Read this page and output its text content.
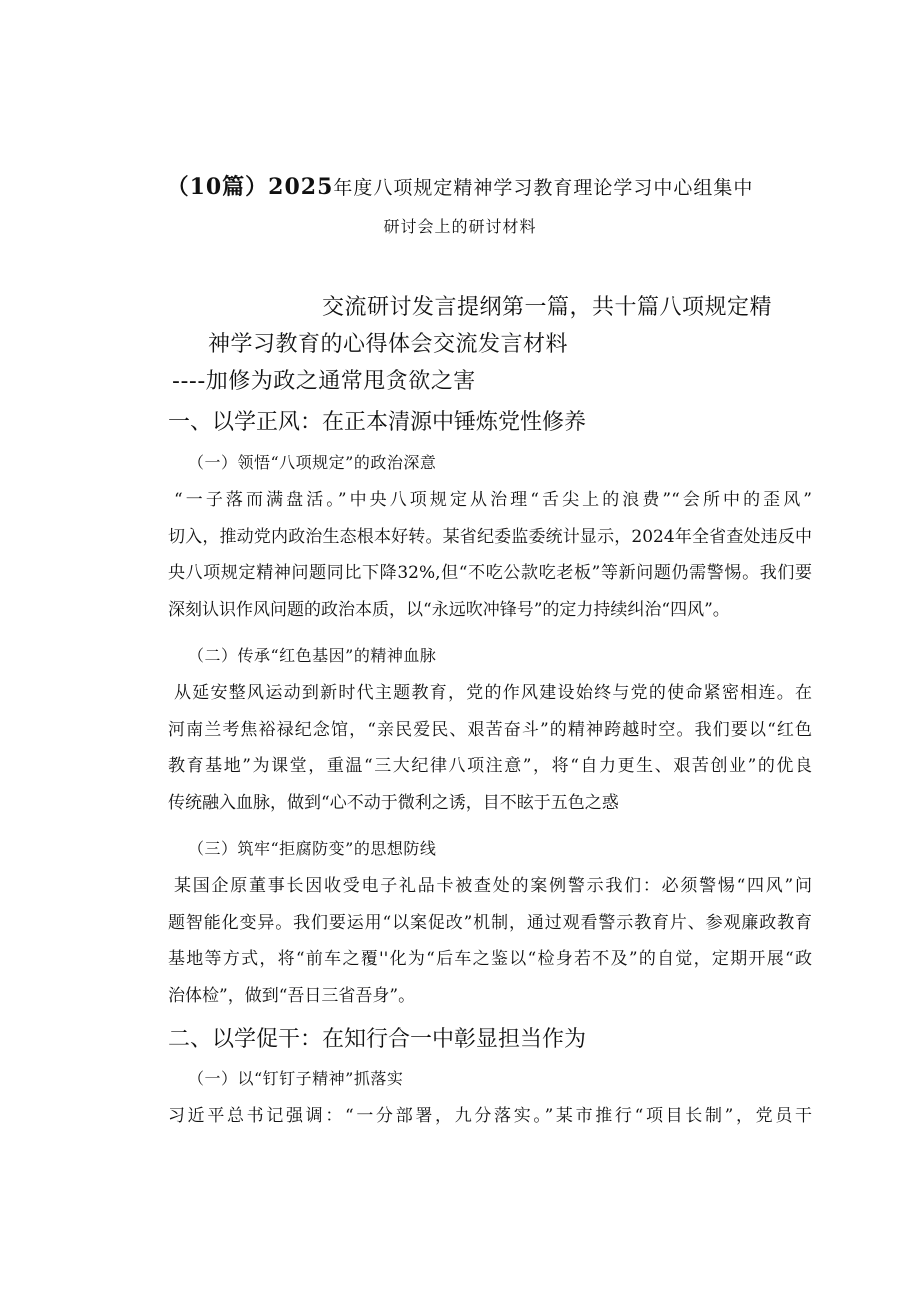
（10篇）2025年度八项规定精神学习教育理论学习中心组集中
研讨会上的研讨材料
交流研讨发言提纲第一篇，共十篇八项规定精
神学习教育的心得体会交流发言材料
----加修为政之通常甩贪欲之害
一、以学正风：在正本清源中锤炼党性修养
（一）领悟“八项规定”的政治深意
“一子落而满盘活。”中央八项规定从治理“舌尖上的浪费”“会所中的歪风”
切入，推动党内政治生态根本好转。某省纪委监委统计显示，2024年全省查处违反中
央八项规定精神问题同比下降32%,但“不吃公款吃老板”等新问题仍需警惕。我们要
深刻认识作风问题的政治本质，以“永远吹冲锋号”的定力持续纠治“四风”。
（二）传承“红色基因”的精神血脉
从延安整风运动到新时代主题教育，党的作风建设始终与党的使命紧密相连。在
河南兰考焦裕禄纪念馆，“亲民爱民、艰苦奋斗”的精神跨越时空。我们要以“红色
教育基地”为课堂，重温“三大纪律八项注意”，将“自力更生、艰苦创业”的优良
传统融入血脉，做到“心不动于微利之诱，目不眩于五色之惑
（三）筑牢“拒腐防变”的思想防线
某国企原董事长因收受电子礼品卡被查处的案例警示我们：必须警惕“四风”问
题智能化变异。我们要运用“以案促改”机制，通过观看警示教育片、参观廉政教育
基地等方式，将“前车之覆''化为“后车之鉴以“检身若不及”的自觉，定期开展“政
治体检”，做到“吾日三省吾身”。
二、以学促干：在知行合一中彰显担当作为
（一）以“钉钉子精神”抓落实
习近平总书记强调：“一分部署，九分落实。”某市推行“项目长制”，党员干
